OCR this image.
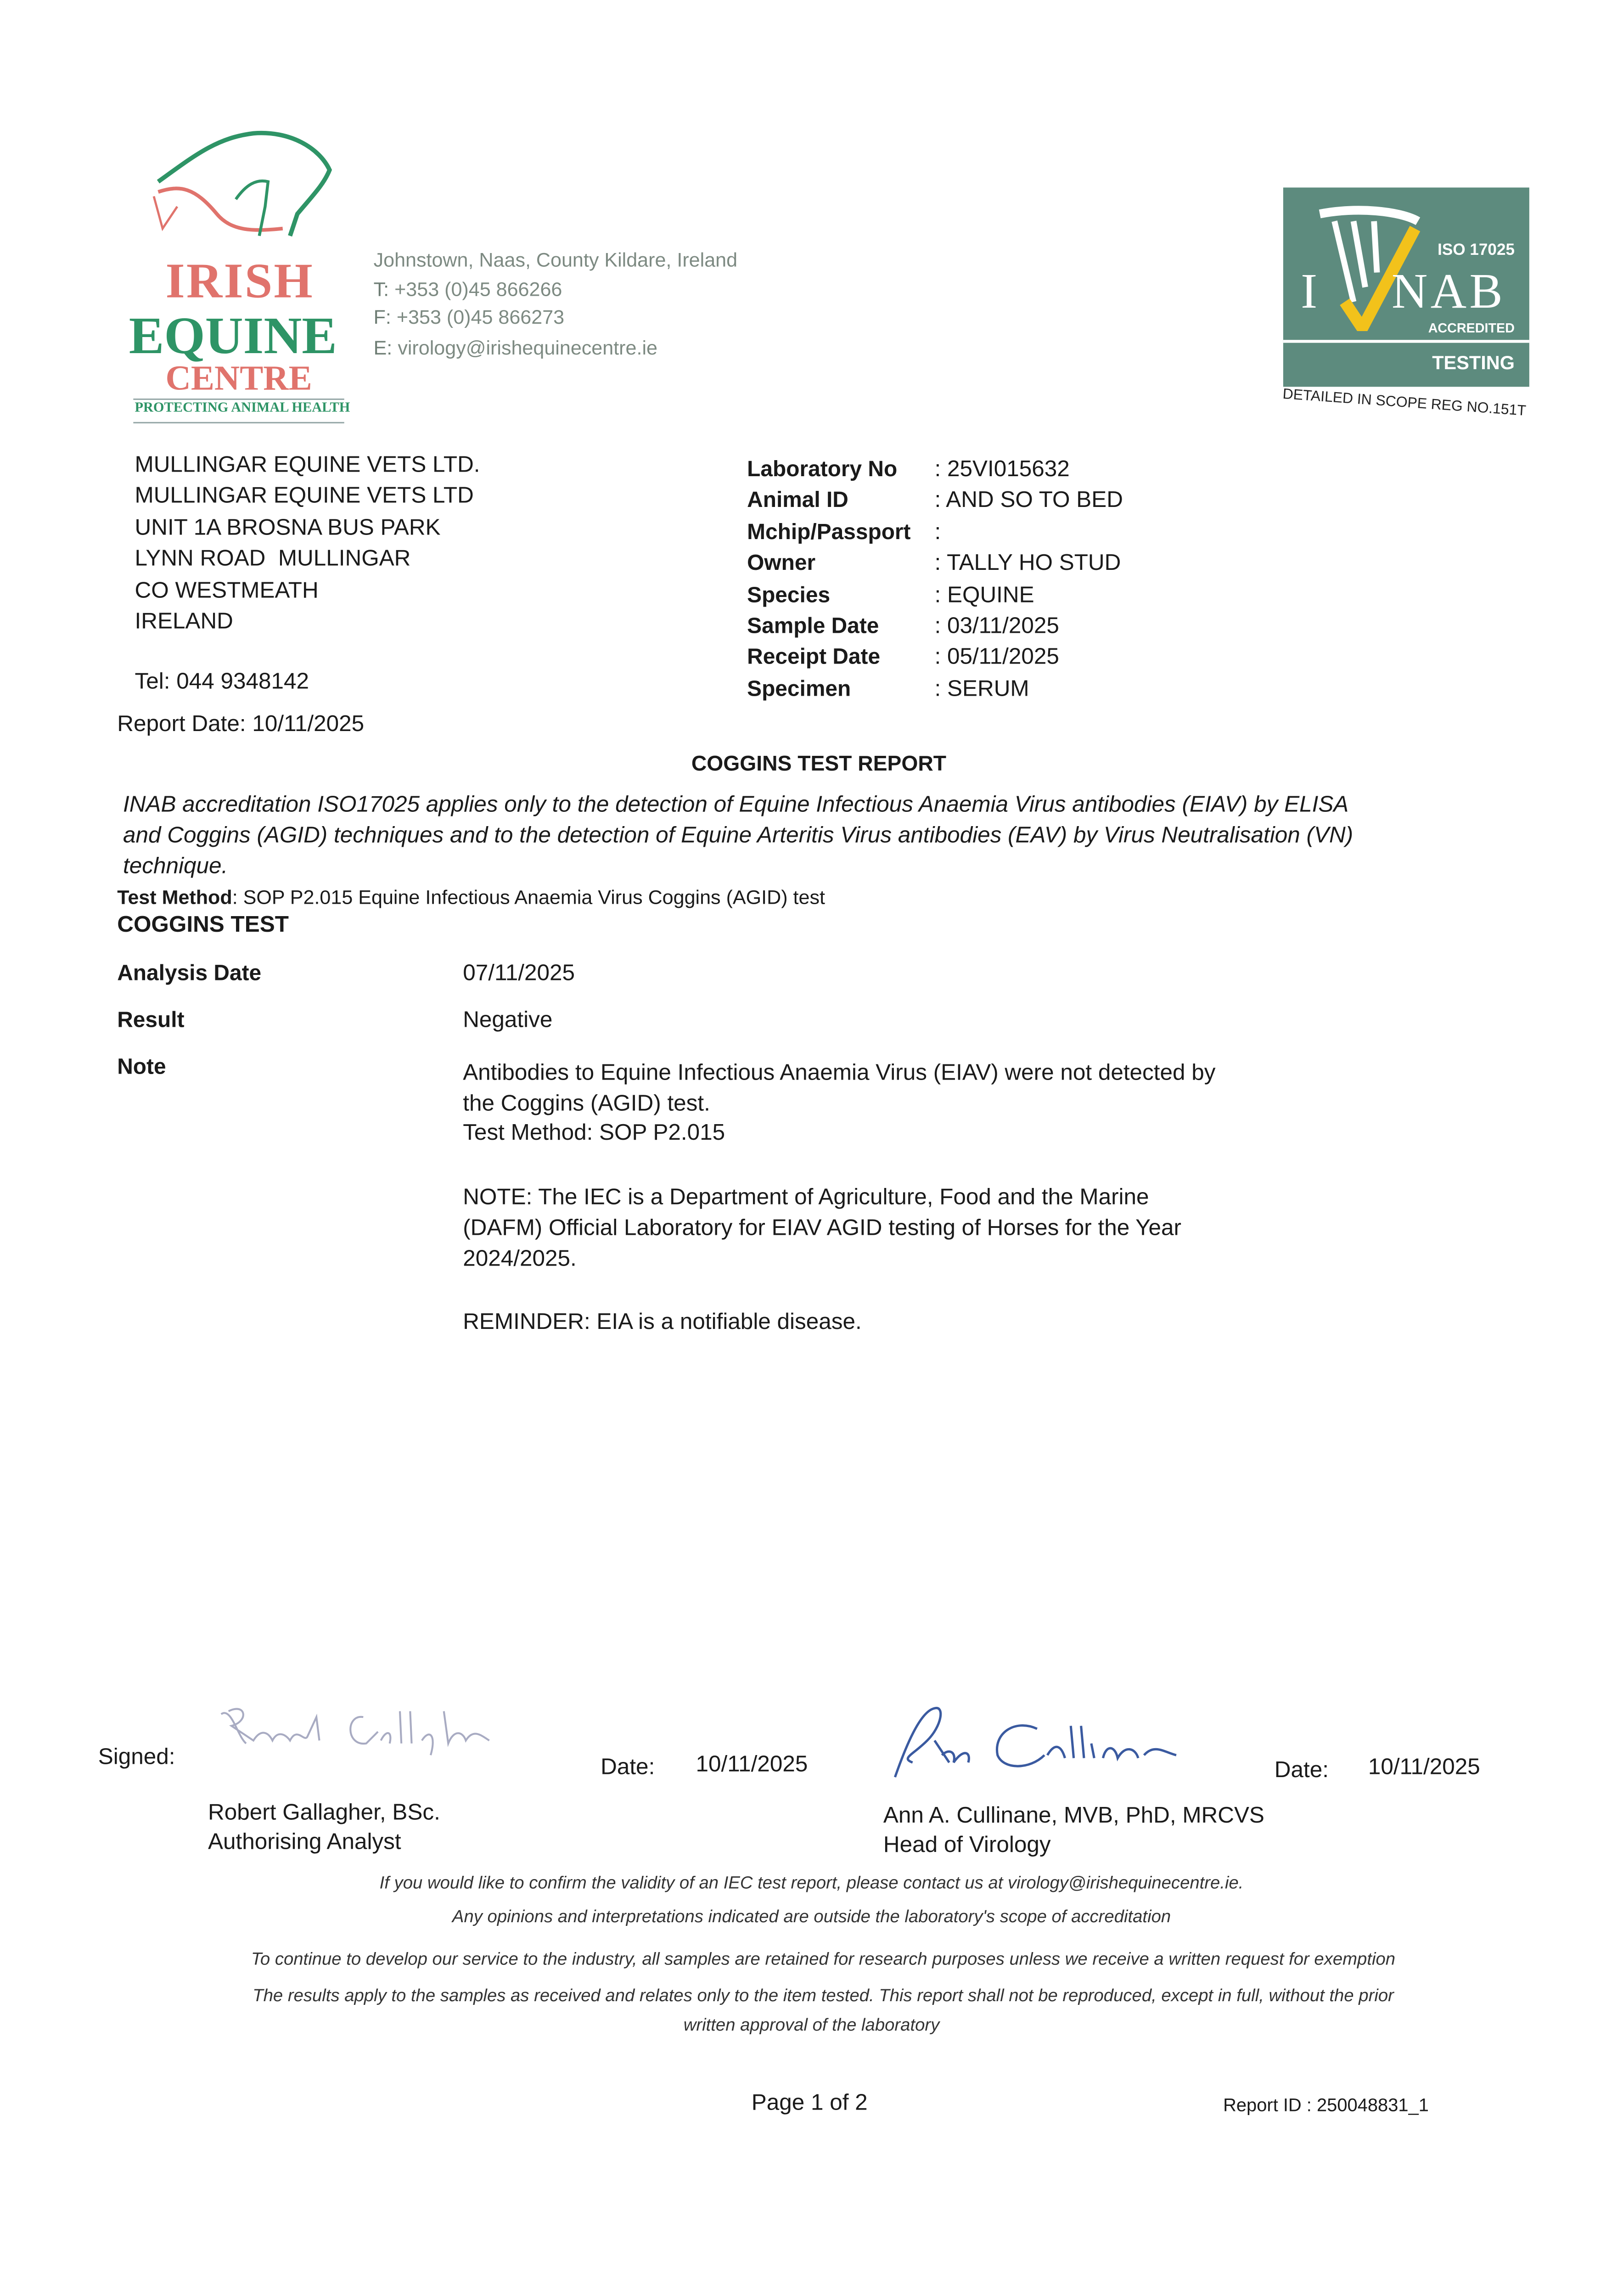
IRISH
EQUINE
CENTRE
PROTECTING ANIMAL HEALTH
Johnstown, Naas, County Kildare, Ireland
T: +353 (0)45 866266
F: +353 (0)45 866273
E: virology@irishequinecentre.ie
ISO 17025
I	NAB
ACCREDITED
TESTING
DETAILED IN SCOPE REG NO.151T
MULLINGAR EQUINE VETS LTD.
MULLINGAR EQUINE VETS LTD
UNIT 1A BROSNA BUS PARK
LYNN ROAD  MULLINGAR
CO WESTMEATH
IRELAND
Tel: 044 9348142
Report Date: 10/11/2025
Laboratory No	: 25VI015632
Animal ID	: AND SO TO BED
Mchip/Passport	:
Owner	: TALLY HO STUD
Species	: EQUINE
Sample Date	: 03/11/2025
Receipt Date	: 05/11/2025
Specimen	: SERUM
COGGINS TEST REPORT
INAB accreditation ISO17025 applies only to the detection of Equine Infectious Anaemia Virus antibodies (EIAV) by ELISA
and Coggins (AGID) techniques and to the detection of Equine Arteritis Virus antibodies (EAV) by Virus Neutralisation (VN)
technique.
Test Method: SOP P2.015 Equine Infectious Anaemia Virus Coggins (AGID) test
COGGINS TEST
Analysis Date	07/11/2025
Result	Negative
Note	Antibodies to Equine Infectious Anaemia Virus (EIAV) were not detected by
the Coggins (AGID) test.
Test Method: SOP P2.015
NOTE: The IEC is a Department of Agriculture, Food and the Marine
(DAFM) Official Laboratory for EIAV AGID testing of Horses for the Year
2024/2025.
REMINDER: EIA is a notifiable disease.
Signed:	Date:	10/11/2025
Robert Gallagher, BSc.
Authorising Analyst
Date:	10/11/2025
Ann A. Cullinane, MVB, PhD, MRCVS
Head of Virology
If you would like to confirm the validity of an IEC test report, please contact us at virology@irishequinecentre.ie.
Any opinions and interpretations indicated are outside the laboratory's scope of accreditation
To continue to develop our service to the industry, all samples are retained for research purposes unless we receive a written request for exemption
The results apply to the samples as received and relates only to the item tested. This report shall not be reproduced, except in full, without the prior
written approval of the laboratory
Page 1 of 2	Report ID : 250048831_1
